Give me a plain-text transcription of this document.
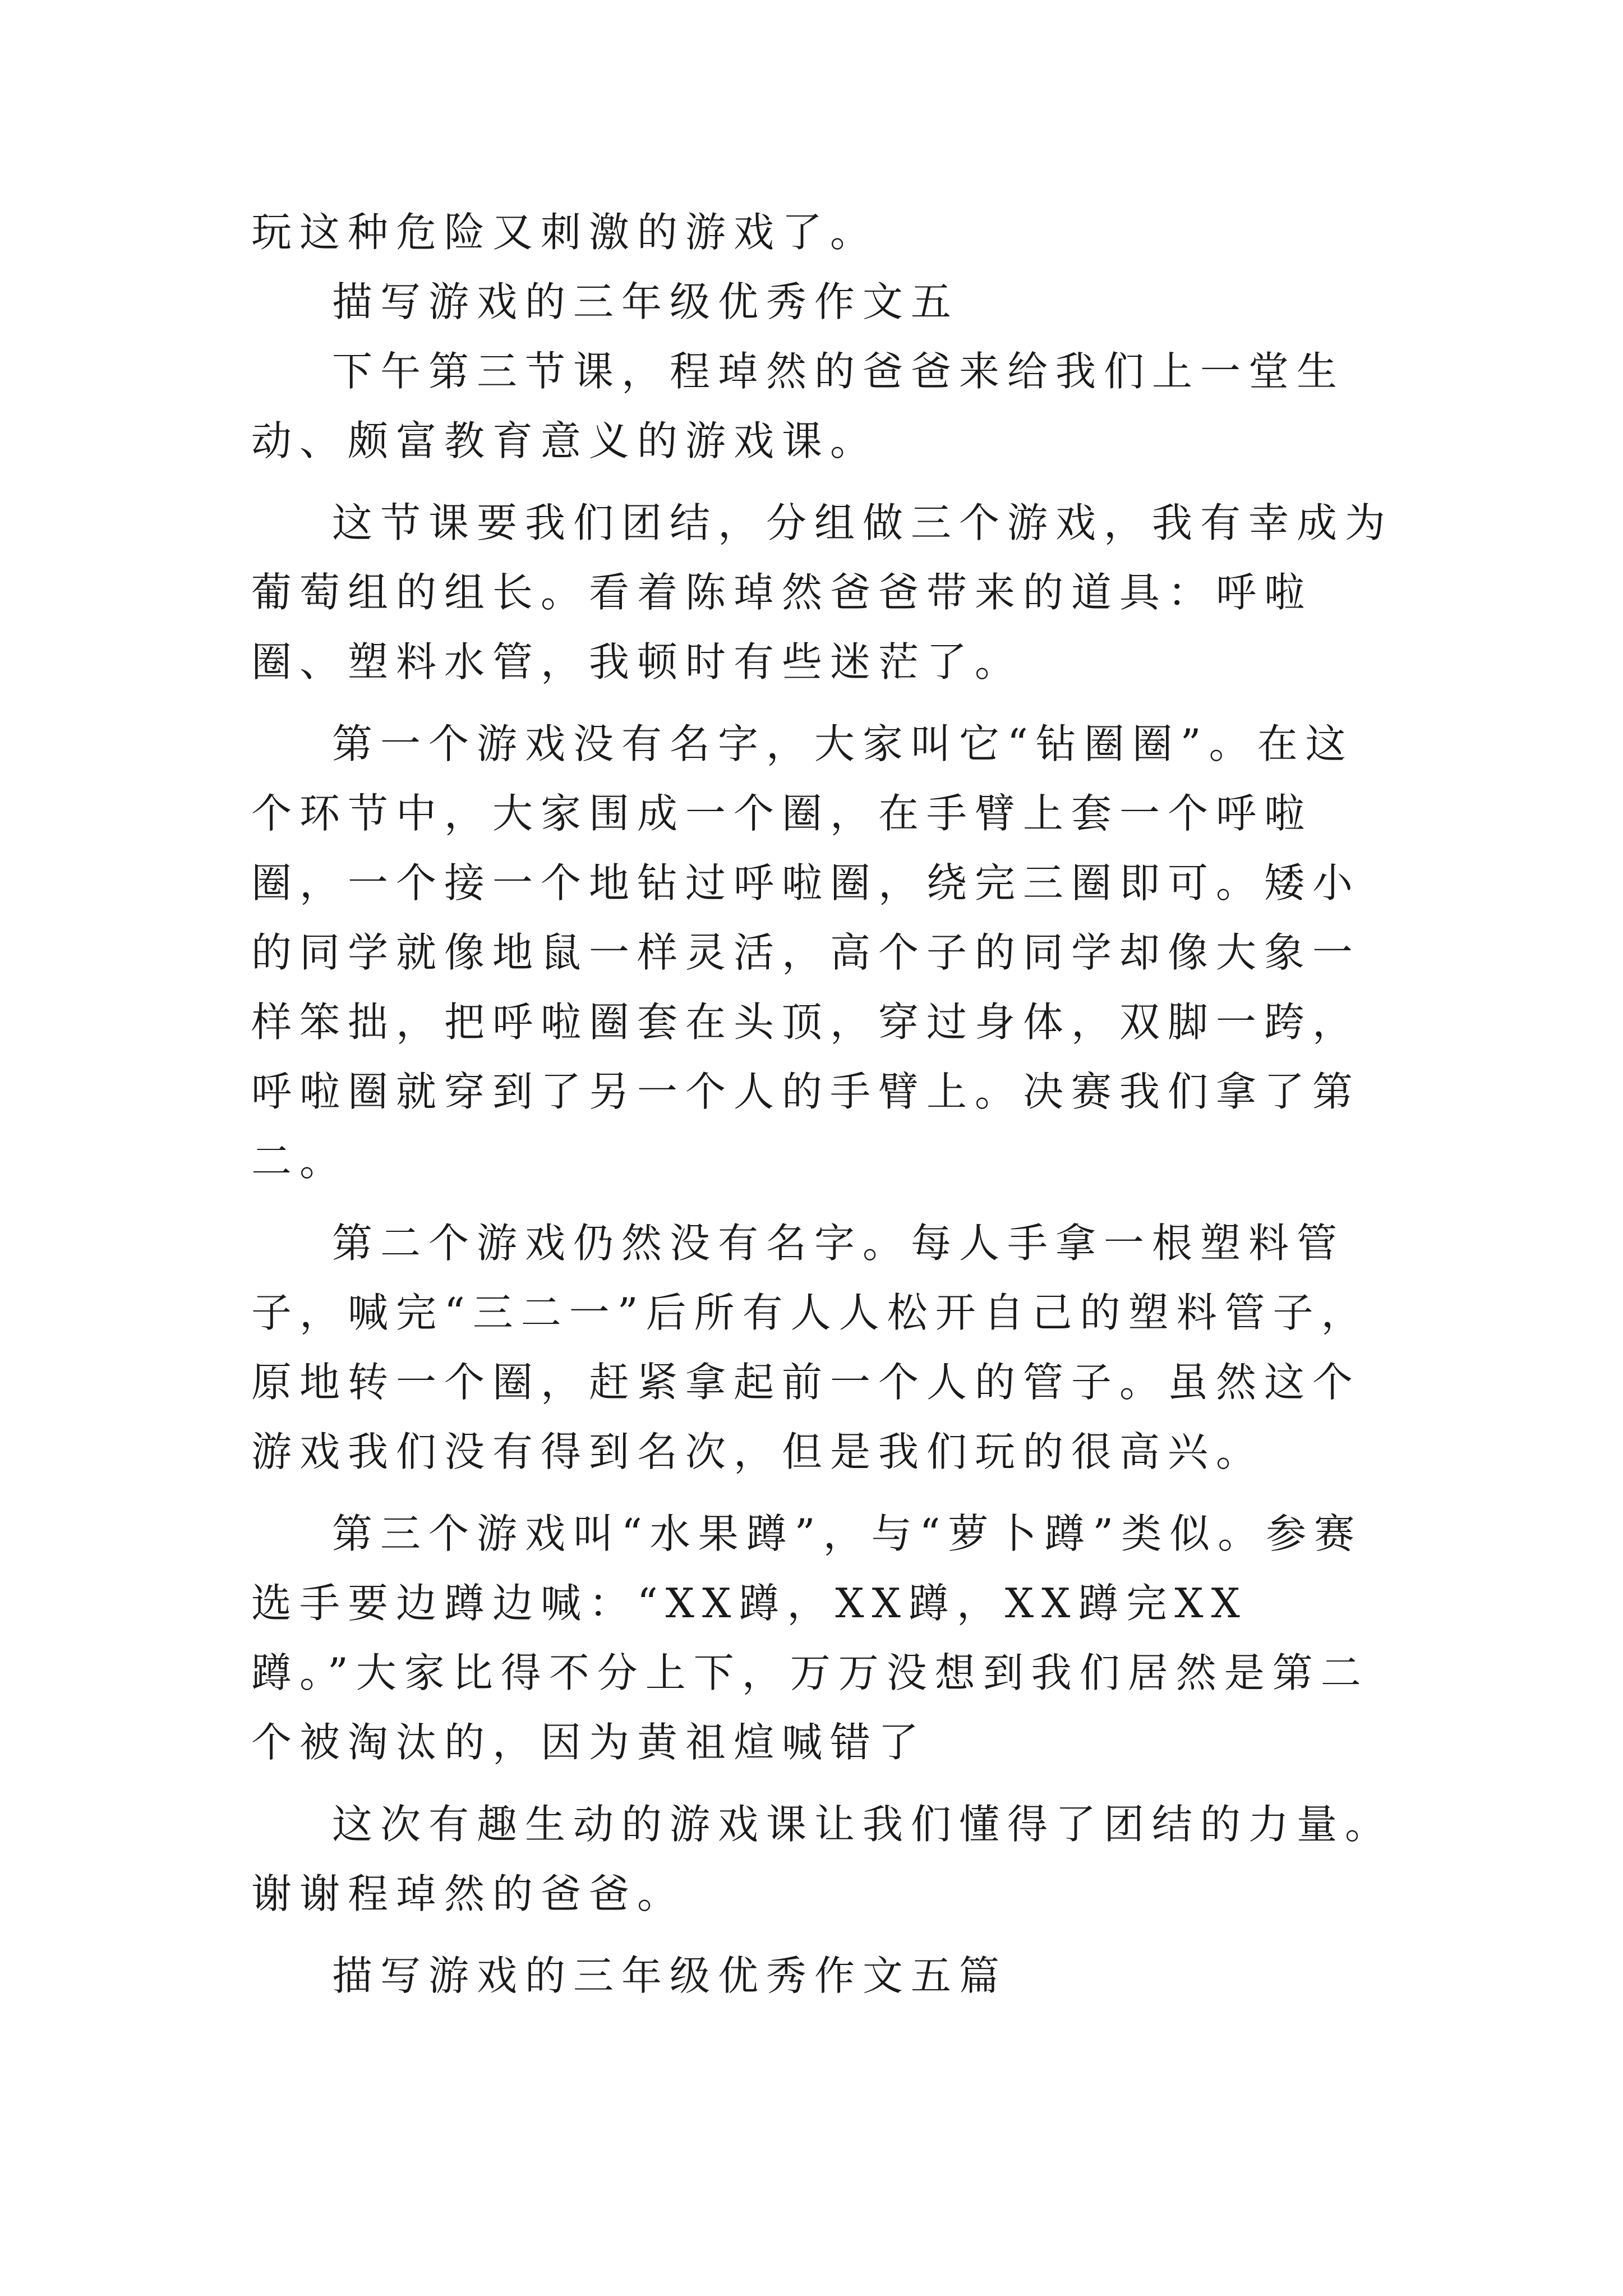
玩这种危险又刺激的游戏了。

描写游戏的三年级优秀作文五

下午第三节课，程琸然的爸爸来给我们上一堂生动、颇富教育意义的游戏课。

这节课要我们团结，分组做三个游戏，我有幸成为葡萄组的组长。看着陈琸然爸爸带来的道具：呼啦圈、塑料水管，我顿时有些迷茫了。

第一个游戏没有名字，大家叫它“钻圈圈”。在这个环节中，大家围成一个圈，在手臂上套一个呼啦圈，一个接一个地钻过呼啦圈，绕完三圈即可。矮小的同学就像地鼠一样灵活，高个子的同学却像大象一样笨拙，把呼啦圈套在头顶，穿过身体，双脚一跨，呼啦圈就穿到了另一个人的手臂上。决赛我们拿了第二。

第二个游戏仍然没有名字。每人手拿一根塑料管子，喊完“三二一”后所有人人松开自己的塑料管子，原地转一个圈，赶紧拿起前一个人的管子。虽然这个游戏我们没有得到名次，但是我们玩的很高兴。

第三个游戏叫“水果蹲”，与“萝卜蹲”类似。参赛选手要边蹲边喊：“XX蹲，XX蹲，XX蹲完XX蹲。”大家比得不分上下，万万没想到我们居然是第二个被淘汰的，因为黄祖煊喊错了

这次有趣生动的游戏课让我们懂得了团结的力量。谢谢程琸然的爸爸。

描写游戏的三年级优秀作文五篇
